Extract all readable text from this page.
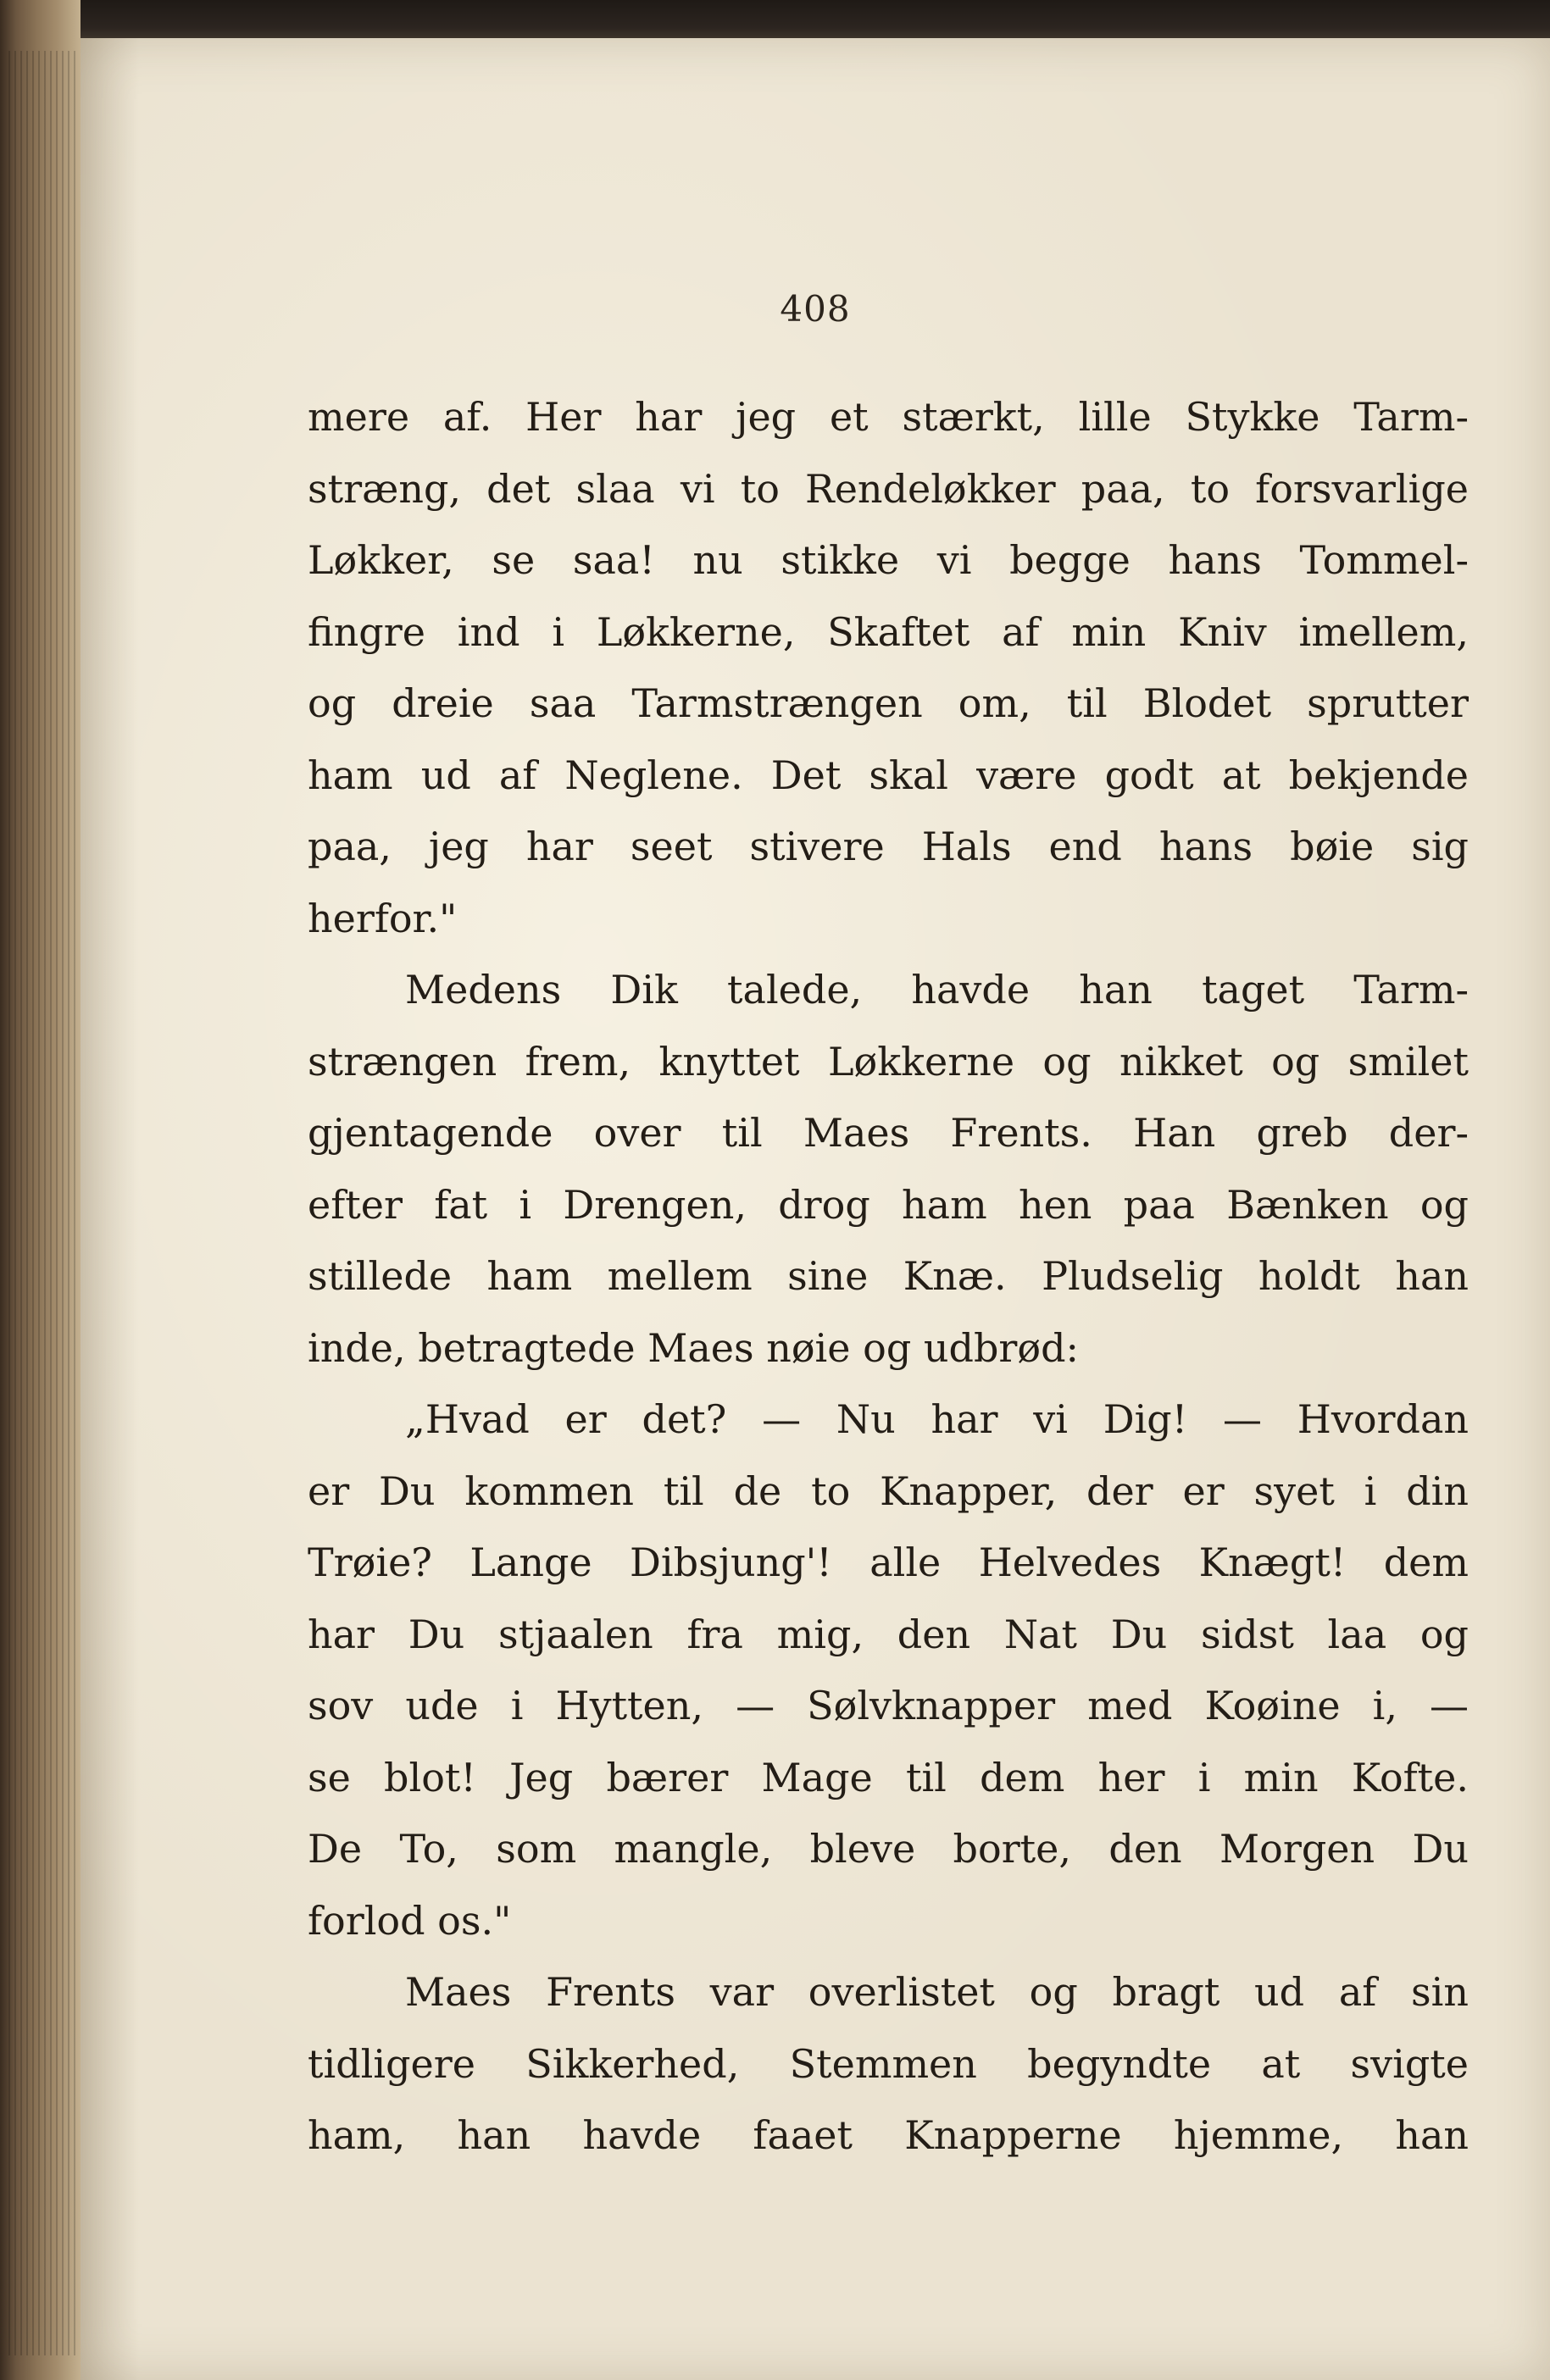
408

mere af. Her har jeg et stærkt, lille Stykke Tarm-
stræng, det slaa vi to Rendeløkker paa, to forsvarlige
Løkker, se saa! nu stikke vi begge hans Tommel-
fingre ind i Løkkerne, Skaftet af min Kniv imellem,
og dreie saa Tarmstrængen om, til Blodet sprutter
ham ud af Neglene. Det skal være godt at bekjende
paa, jeg har seet stivere Hals end hans bøie sig
herfor."
Medens Dik talede, havde han taget Tarm-
strængen frem, knyttet Løkkerne og nikket og smilet
gjentagende over til Maes Frents. Han greb der-
efter fat i Drengen, drog ham hen paa Bænken og
stillede ham mellem sine Knæ. Pludselig holdt han
inde, betragtede Maes nøie og udbrød:
„Hvad er det? — Nu har vi Dig! — Hvordan
er Du kommen til de to Knapper, der er syet i din
Trøie? Lange Dibsjung'! alle Helvedes Knægt! dem
har Du stjaalen fra mig, den Nat Du sidst laa og
sov ude i Hytten, — Sølvknapper med Koøine i, —
se blot! Jeg bærer Mage til dem her i min Kofte.
De To, som mangle, bleve borte, den Morgen Du
forlod os."
Maes Frents var overlistet og bragt ud af sin
tidligere Sikkerhed, Stemmen begyndte at svigte
ham, han havde faaet Knapperne hjemme, han
